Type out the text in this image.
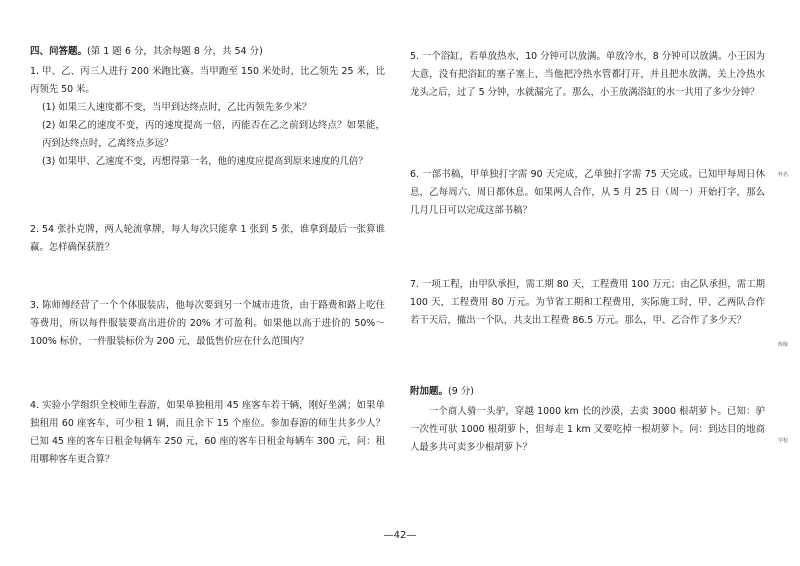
四、问答题。(第 1 题 6 分，其余每题 8 分，共 54 分)

1. 甲、乙、丙三人进行 200 米跑比赛。当甲跑至 150 米处时，比乙领先 25 米，比丙领先 50 米。

(1) 如果三人速度都不变，当甲到达终点时，乙比丙领先多少米？

(2) 如果乙的速度不变，丙的速度提高一倍，丙能否在乙之前到达终点？如果能，丙到达终点时，乙离终点多远？

(3) 如果甲、乙速度不变，丙想得第一名，他的速度应提高到原来速度的几倍？

2. 54 张扑克牌，两人轮流拿牌，每人每次只能拿 1 张到 5 张，谁拿到最后一张算谁赢。怎样确保获胜？

3. 陈师傅经营了一个个体服装店，他每次要到另一个城市进货，由于路费和路上吃住等费用，所以每件服装要高出进价的 20% 才可盈利。如果他以高于进价的 50%～100% 标价，一件服装标价为 200 元，最低售价应在什么范围内？

4. 实验小学组织全校师生春游，如果单独租用 45 座客车若干辆，刚好坐满；如果单独租用 60 座客车，可少租 1 辆，而且余下 15 个座位。参加春游的师生共多少人？已知 45 座的客车日租金每辆车 250 元，60 座的客车日租金每辆车 300 元，问：租用哪种客车更合算？

5. 一个浴缸，若单放热水，10 分钟可以放满。单放冷水，8 分钟可以放满。小王因为大意，没有把浴缸的塞子塞上，当他把冷热水管都打开，并且把水放满，关上冷热水龙头之后，过了 5 分钟，水就漏完了。那么，小王放满浴缸的水一共用了多少分钟？

6. 一部书稿，甲单独打字需 90 天完成，乙单独打字需 75 天完成。已知甲每周日休息，乙每周六、周日都休息。如果两人合作，从 5 月 25 日（周一）开始打字，那么几月几日可以完成这部书稿？

7. 一项工程，由甲队承担，需工期 80 天，工程费用 100 万元；由乙队承担，需工期 100 天，工程费用 80 万元。为节省工期和工程费用，实际施工时，甲、乙两队合作若干天后，撤出一个队，共支出工程费 86.5 万元。那么，甲、乙合作了多少天？

附加题。(9 分)

一个商人骑一头驴，穿越 1000 km 长的沙漠，去卖 3000 根胡萝卜。已知：驴一次性可驮 1000 根胡萝卜，但每走 1 km 又要吃掉一根胡萝卜。问：到达目的地商人最多共可卖多少根胡萝卜？

姓名
班级
学校
—42—
